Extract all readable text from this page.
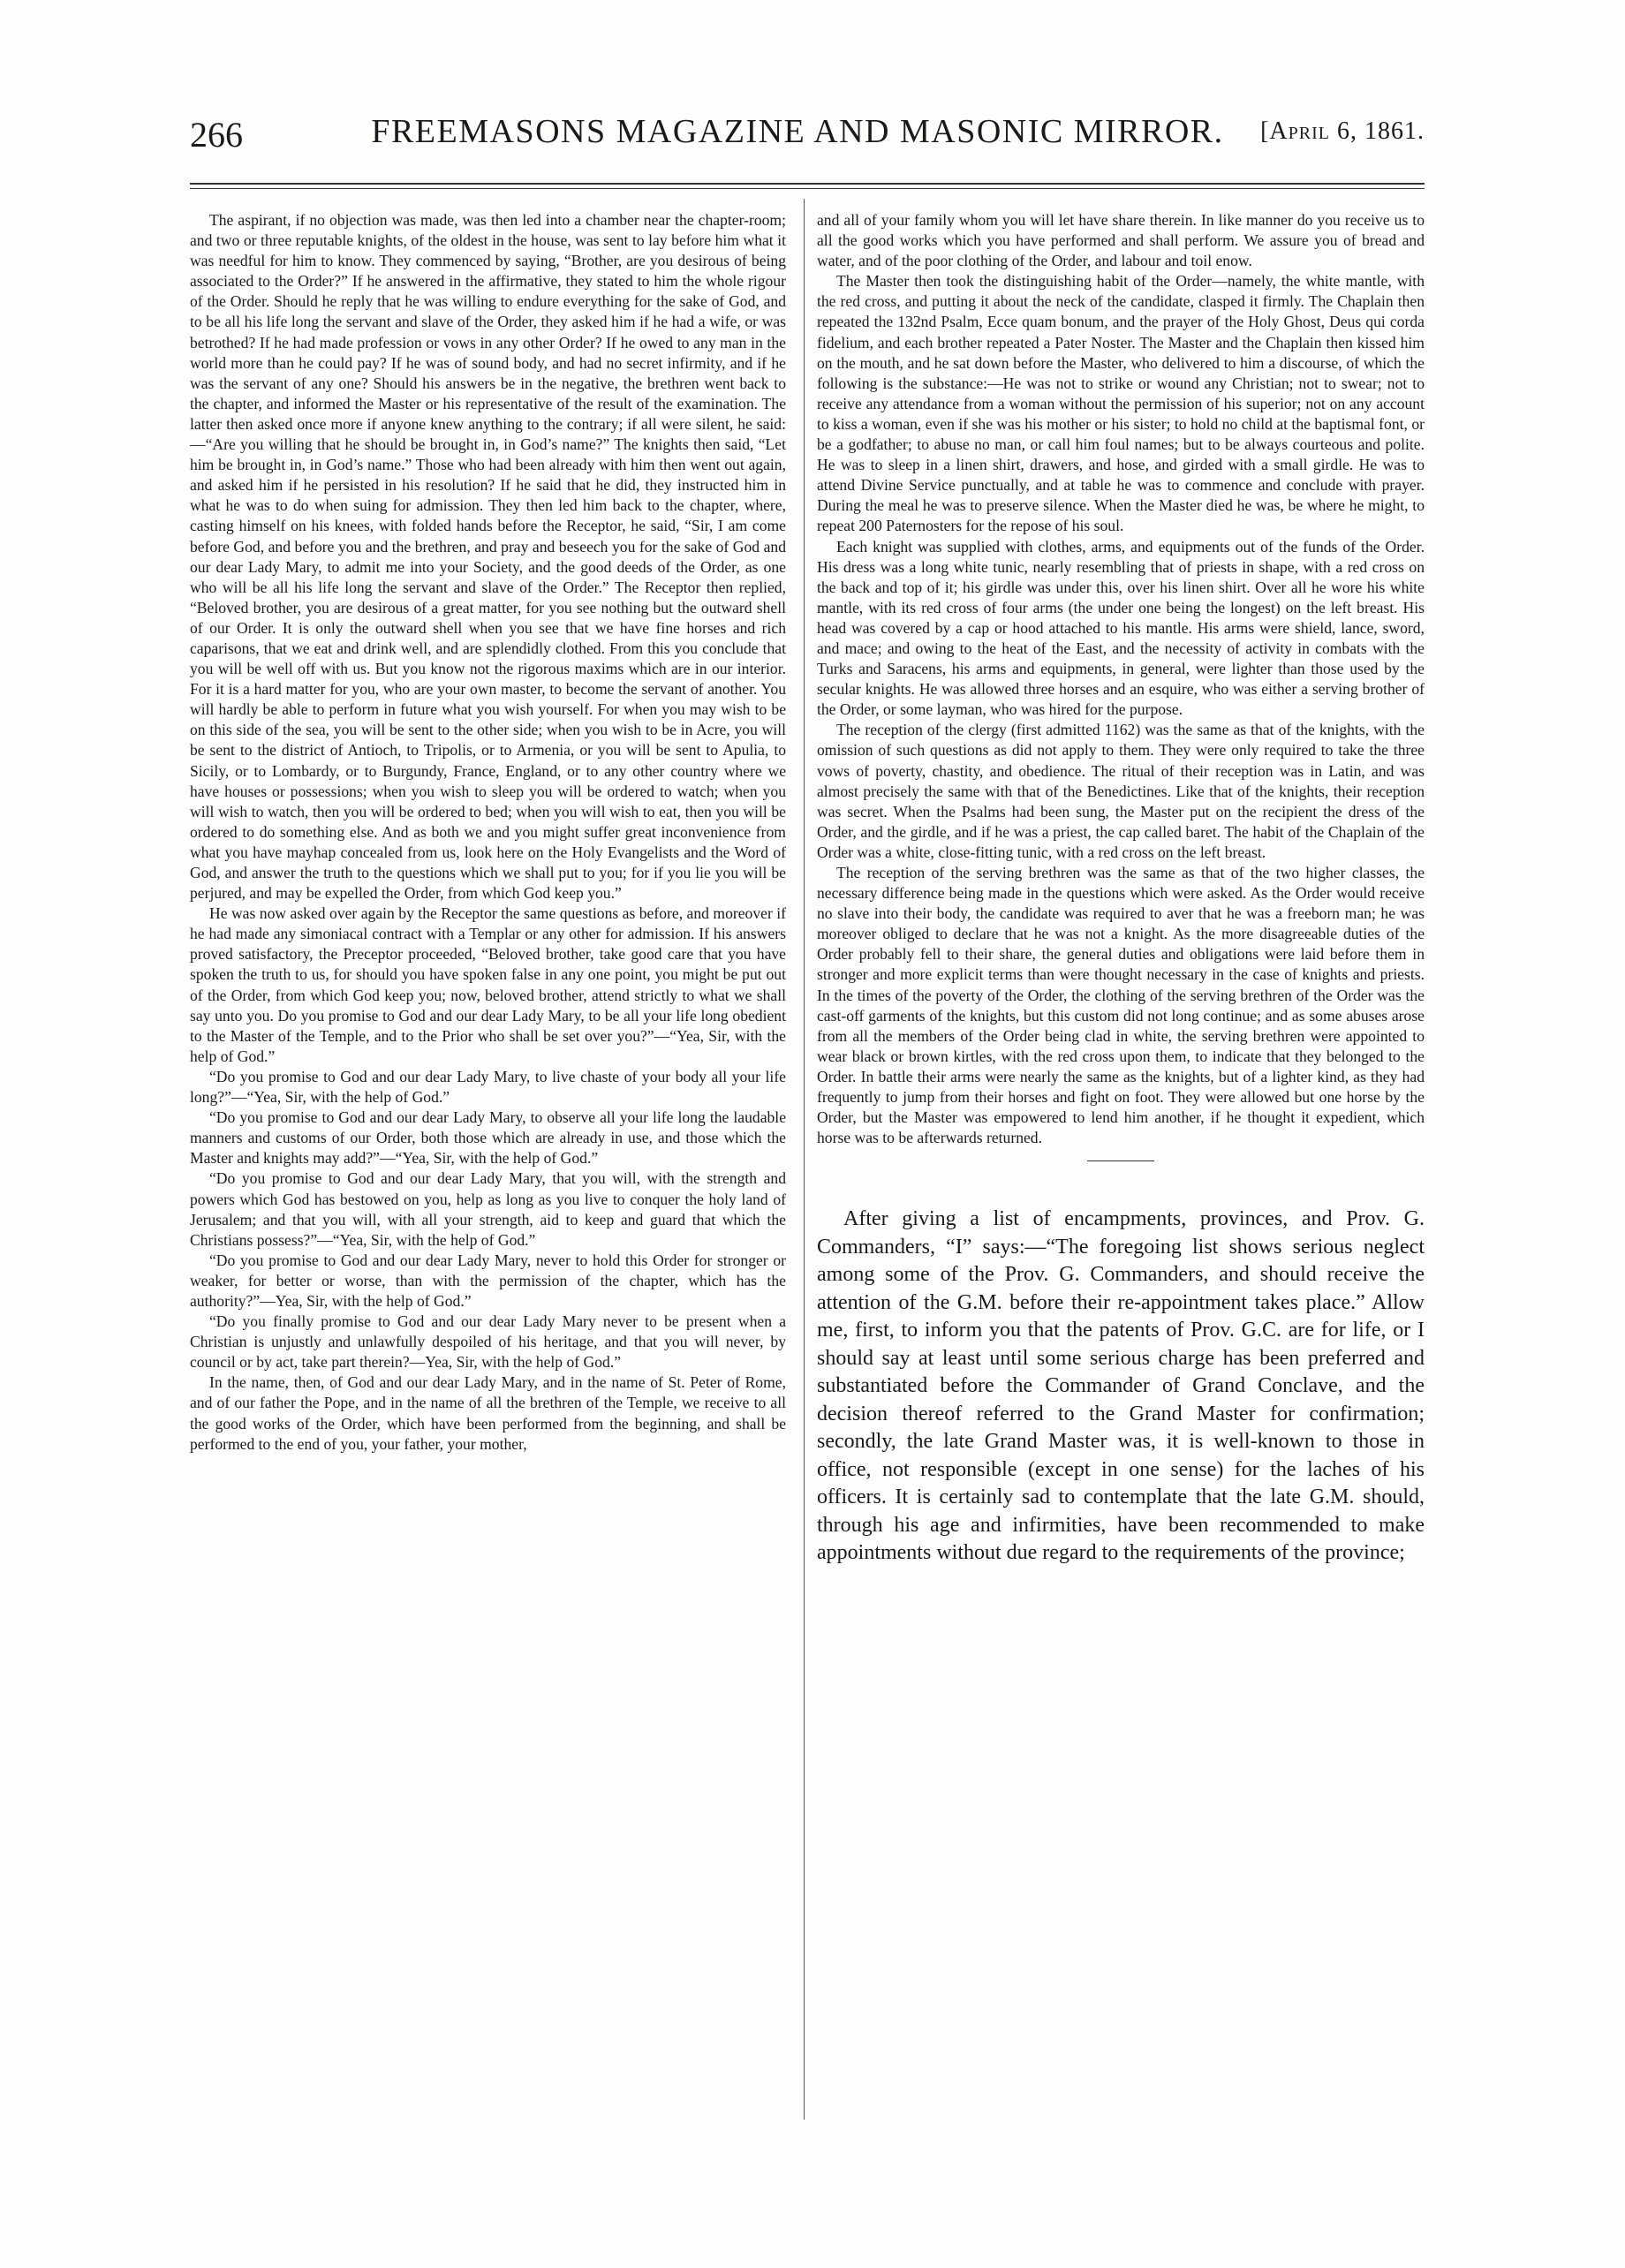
266	FREEMASONS MAGAZINE AND MASONIC MIRROR.	[April 6, 1861.

The aspirant, if no objection was made, was then led into a chamber near the chapter-room; and two or three reputable knights, of the oldest in the house, was sent to lay before him what it was needful for him to know. They commenced by saying, “Brother, are you desirous of being associated to the Order?” If he answered in the affirmative, they stated to him the whole rigour of the Order. Should he reply that he was willing to endure everything for the sake of God, and to be all his life long the servant and slave of the Order, they asked him if he had a wife, or was betrothed? If he had made profession or vows in any other Order? If he owed to any man in the world more than he could pay? If he was of sound body, and had no secret infirmity, and if he was the servant of any one? Should his answers be in the negative, the brethren went back to the chapter, and informed the Master or his representative of the result of the examination. The latter then asked once more if anyone knew anything to the contrary; if all were silent, he said:—“Are you willing that he should be brought in, in God’s name?” The knights then said, “Let him be brought in, in God’s name.” Those who had been already with him then went out again, and asked him if he persisted in his resolution? If he said that he did, they instructed him in what he was to do when suing for admission. They then led him back to the chapter, where, casting himself on his knees, with folded hands before the Receptor, he said, “Sir, I am come before God, and before you and the brethren, and pray and beseech you for the sake of God and our dear Lady Mary, to admit me into your Society, and the good deeds of the Order, as one who will be all his life long the servant and slave of the Order.” The Receptor then replied, “Beloved brother, you are desirous of a great matter, for you see nothing but the outward shell of our Order. It is only the outward shell when you see that we have fine horses and rich caparisons, that we eat and drink well, and are splendidly clothed. From this you conclude that you will be well off with us. But you know not the rigorous maxims which are in our interior. For it is a hard matter for you, who are your own master, to become the servant of another. You will hardly be able to perform in future what you wish yourself. For when you may wish to be on this side of the sea, you will be sent to the other side; when you wish to be in Acre, you will be sent to the district of Antioch, to Tripolis, or to Armenia, or you will be sent to Apulia, to Sicily, or to Lombardy, or to Burgundy, France, England, or to any other country where we have houses or possessions; when you wish to sleep you will be ordered to watch; when you will wish to watch, then you will be ordered to bed; when you will wish to eat, then you will be ordered to do something else. And as both we and you might suffer great inconvenience from what you have mayhap concealed from us, look here on the Holy Evangelists and the Word of God, and answer the truth to the questions which we shall put to you; for if you lie you will be perjured, and may be expelled the Order, from which God keep you.”

He was now asked over again by the Receptor the same questions as before, and moreover if he had made any simoniacal contract with a Templar or any other for admission. If his answers proved satisfactory, the Preceptor proceeded, “Beloved brother, take good care that you have spoken the truth to us, for should you have spoken false in any one point, you might be put out of the Order, from which God keep you; now, beloved brother, attend strictly to what we shall say unto you. Do you promise to God and our dear Lady Mary, to be all your life long obedient to the Master of the Temple, and to the Prior who shall be set over you?”—“Yea, Sir, with the help of God.”

“Do you promise to God and our dear Lady Mary, to live chaste of your body all your life long?”—“Yea, Sir, with the help of God.”

“Do you promise to God and our dear Lady Mary, to observe all your life long the laudable manners and customs of our Order, both those which are already in use, and those which the Master and knights may add?”—“Yea, Sir, with the help of God.”

“Do you promise to God and our dear Lady Mary, that you will, with the strength and powers which God has bestowed on you, help as long as you live to conquer the holy land of Jerusalem; and that you will, with all your strength, aid to keep and guard that which the Christians possess?”—“Yea, Sir, with the help of God.”

“Do you promise to God and our dear Lady Mary, never to hold this Order for stronger or weaker, for better or worse, than with the permission of the chapter, which has the authority?”—Yea, Sir, with the help of God.”

“Do you finally promise to God and our dear Lady Mary never to be present when a Christian is unjustly and unlawfully despoiled of his heritage, and that you will never, by council or by act, take part therein?—Yea, Sir, with the help of God.”

In the name, then, of God and our dear Lady Mary, and in the name of St. Peter of Rome, and of our father the Pope, and in the name of all the brethren of the Temple, we receive to all the good works of the Order, which have been performed from the beginning, and shall be performed to the end of you, your father, your mother,

and all of your family whom you will let have share therein. In like manner do you receive us to all the good works which you have performed and shall perform. We assure you of bread and water, and of the poor clothing of the Order, and labour and toil enow.

The Master then took the distinguishing habit of the Order—namely, the white mantle, with the red cross, and putting it about the neck of the candidate, clasped it firmly. The Chaplain then repeated the 132nd Psalm, Ecce quam bonum, and the prayer of the Holy Ghost, Deus qui corda fidelium, and each brother repeated a Pater Noster. The Master and the Chaplain then kissed him on the mouth, and he sat down before the Master, who delivered to him a discourse, of which the following is the substance:—He was not to strike or wound any Christian; not to swear; not to receive any attendance from a woman without the permission of his superior; not on any account to kiss a woman, even if she was his mother or his sister; to hold no child at the baptismal font, or be a godfather; to abuse no man, or call him foul names; but to be always courteous and polite. He was to sleep in a linen shirt, drawers, and hose, and girded with a small girdle. He was to attend Divine Service punctually, and at table he was to commence and conclude with prayer. During the meal he was to preserve silence. When the Master died he was, be where he might, to repeat 200 Paternosters for the repose of his soul.

Each knight was supplied with clothes, arms, and equipments out of the funds of the Order. His dress was a long white tunic, nearly resembling that of priests in shape, with a red cross on the back and top of it; his girdle was under this, over his linen shirt. Over all he wore his white mantle, with its red cross of four arms (the under one being the longest) on the left breast. His head was covered by a cap or hood attached to his mantle. His arms were shield, lance, sword, and mace; and owing to the heat of the East, and the necessity of activity in combats with the Turks and Saracens, his arms and equipments, in general, were lighter than those used by the secular knights. He was allowed three horses and an esquire, who was either a serving brother of the Order, or some layman, who was hired for the purpose.

The reception of the clergy (first admitted 1162) was the same as that of the knights, with the omission of such questions as did not apply to them. They were only required to take the three vows of poverty, chastity, and obedience. The ritual of their reception was in Latin, and was almost precisely the same with that of the Benedictines. Like that of the knights, their reception was secret. When the Psalms had been sung, the Master put on the recipient the dress of the Order, and the girdle, and if he was a priest, the cap called baret. The habit of the Chaplain of the Order was a white, close-fitting tunic, with a red cross on the left breast.

The reception of the serving brethren was the same as that of the two higher classes, the necessary difference being made in the questions which were asked. As the Order would receive no slave into their body, the candidate was required to aver that he was a freeborn man; he was moreover obliged to declare that he was not a knight. As the more disagreeable duties of the Order probably fell to their share, the general duties and obligations were laid before them in stronger and more explicit terms than were thought necessary in the case of knights and priests. In the times of the poverty of the Order, the clothing of the serving brethren of the Order was the cast-off garments of the knights, but this custom did not long continue; and as some abuses arose from all the members of the Order being clad in white, the serving brethren were appointed to wear black or brown kirtles, with the red cross upon them, to indicate that they belonged to the Order. In battle their arms were nearly the same as the knights, but of a lighter kind, as they had frequently to jump from their horses and fight on foot. They were allowed but one horse by the Order, but the Master was empowered to lend him another, if he thought it expedient, which horse was to be afterwards returned.

After giving a list of encampments, provinces, and Prov. G. Commanders, “I” says:—“The foregoing list shows serious neglect among some of the Prov. G. Commanders, and should receive the attention of the G.M. before their re-appointment takes place.” Allow me, first, to inform you that the patents of Prov. G.C. are for life, or I should say at least until some serious charge has been preferred and substantiated before the Commander of Grand Conclave, and the decision thereof referred to the Grand Master for confirmation; secondly, the late Grand Master was, it is well-known to those in office, not responsible (except in one sense) for the laches of his officers. It is certainly sad to contemplate that the late G.M. should, through his age and infirmities, have been recommended to make appointments without due regard to the requirements of the province;
